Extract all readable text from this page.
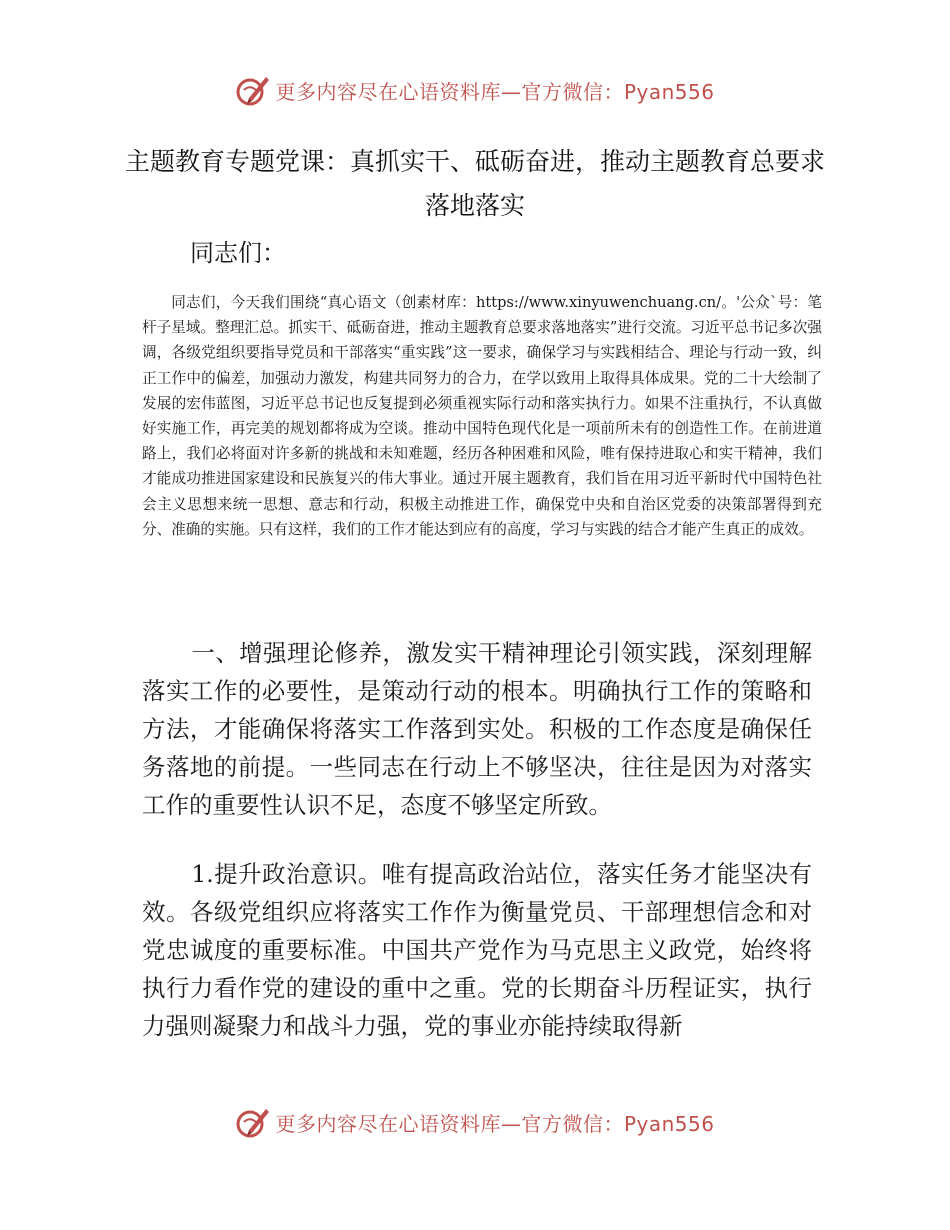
更多内容尽在心语资料库—官方微信：Pyan556
主题教育专题党课：真抓实干、砥砺奋进，推动主题教育总要求落地落实
同志们：

同志们，今天我们围绕“真心语文（创素材库：https://www.xinyuwenchuang.cn/。'公众`号：笔杆子星域。整理汇总。抓实干、砥砺奋进，推动主题教育总要求落地落实”进行交流。习近平总书记多次强调，各级党组织要指导党员和干部落实“重实践”这一要求，确保学习与实践相结合、理论与行动一致，纠正工作中的偏差，加强动力激发，构建共同努力的合力，在学以致用上取得具体成果。党的二十大绘制了发展的宏伟蓝图，习近平总书记也反复提到必须重视实际行动和落实执行力。如果不注重执行，不认真做好实施工作，再完美的规划都将成为空谈。推动中国特色现代化是一项前所未有的创造性工作。在前进道路上，我们必将面对许多新的挑战和未知难题，经历各种困难和风险，唯有保持进取心和实干精神，我们才能成功推进国家建设和民族复兴的伟大事业。通过开展主题教育，我们旨在用习近平新时代中国特色社会主义思想来统一思想、意志和行动，积极主动推进工作，确保党中央和自治区党委的决策部署得到充分、准确的实施。只有这样，我们的工作才能达到应有的高度，学习与实践的结合才能产生真正的成效。

一、增强理论修养，激发实干精神理论引领实践，深刻理解落实工作的必要性，是策动行动的根本。明确执行工作的策略和方法，才能确保将落实工作落到实处。积极的工作态度是确保任务落地的前提。一些同志在行动上不够坚决，往往是因为对落实工作的重要性认识不足，态度不够坚定所致。

1.提升政治意识。唯有提高政治站位，落实任务才能坚决有效。各级党组织应将落实工作作为衡量党员、干部理想信念和对党忠诚度的重要标准。中国共产党作为马克思主义政党，始终将执行力看作党的建设的重中之重。党的长期奋斗历程证实，执行力强则凝聚力和战斗力强，党的事业亦能持续取得新

更多内容尽在心语资料库—官方微信：Pyan556
